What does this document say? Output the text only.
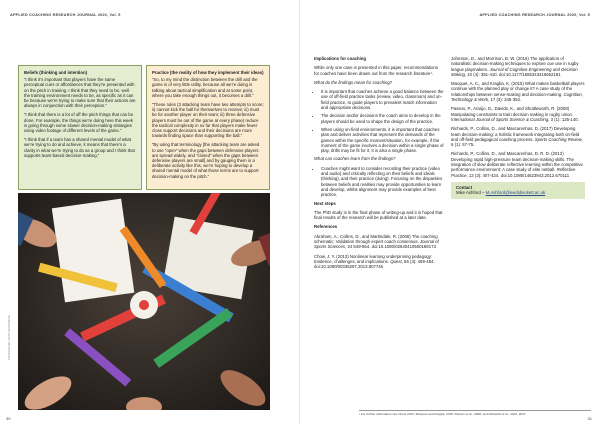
APPLIED COACHING RESEARCH JOURNAL 2020, Vol. 5	APPLIED COACHING RESEARCH JOURNAL 2020, Vol. 5
Beliefs (thinking and intention)

“I think it’s important that players have the same perceptual cues or affordances that they’re presented with on the pitch in training. I think that they need to be, well the training environment needs to be, as specific as it can be because we’re trying to make sure that their actions are always in conjunction with their perception.”

“I think that there is a lot of off the pitch things that can be done. For example, the things we’re doing here this week is going through some slower decision-making strategies using video footage of different levels of the game.”

“I think that if a team has a shared mental model of what we’re trying to do and achieve, it means that there’s a clarity in what we’re trying to do as a group and I think that supports team-based decision-making.”

Practice (the reality of how they implement their ideas)

“So, to my mind the distinction between the drill and the game is of very little utility, because all we’re doing is talking about tactical simplification and at some point, where you take enough things out, it becomes a drill.”

“These rules (3 attacking team have two attempts to score; ii) cannot kick the ball for themselves to receive; iii) must be for another player on their team; iii) three defensive players must be out of the game at every phase) reduce the tactical complexity in so far that players make fewer close support decisions and their decisions are more towards finding space than supporting the ball.”

“By using that terminology [the attacking team are asked to use “open” when the gaps between defensive players are spread widely, and “closed” when the gaps between defensive players are small] and by gauging them in a deliberate activity like this, we’re hoping to develop a shared mental model of what those terms are to support decision-making on the pitch.”

PHOTOGRAPH: DON'T REPRODUCE

Implications for coaching

While only one case is presented in this paper, recommendations for coaches have been drawn out from the research literature¹.

What do the findings mean for coaching?

• It is important that coaches achieve a good balance between the use of off-field practice tasks (review, video, classroom) and on-field practice, to guide players to prevalent match information and appropriate decisions.
• The decision and/or decisions the coach aims to develop in the players should be used to shape the design of the practice.
• When using on-field environments, it is important that coaches plan and deliver activities that represent the demands of the games within the specific moment/situation, for example, if the moment of the game involves a decision within a single phase of play, drills may be fit for it, it is also a single phase.

What can coaches learn from the findings?

• Coaches might want to consider recording their practice (video and audio) and critically reflecting on their beliefs and ideals (thinking), and their practice (doing). Focusing on the disparities between beliefs and realities may provide opportunities to learn and develop, whilst alignment may provide examples of best practice.

Next steps

The PhD study is in the final phase of writing-up and it is hoped that final results of the research will be published at a later date.

References

Abraham, A., Collins, D., and Martindale, R. (2006) The coaching schematic: Validation through expert coach consensus. Journal of Sports Sciences, 24 549-564. doi:10.1080/02640410500189173

Chow, J. Y. (2013) Nonlinear learning underpinning pedagogy: Evidence, challenges, and implications. Quest, 65 (4): 469-484. doi:10.1080/00336297.2013.807746

Johnston, D., and Morrison, B. W. (2016) The application of naturalistic decision-making techniques to explore cue use in rugby league playmakers. Journal of Cognitive Engineering and Decision Making, 10 (4): 391-410. doi:10.1177/1555343416662181

Macquet, A. C., and Kragba, K. (2015) What makes basketball players continue with the planned play or change it? A case study of the relationships between sense-making and decision-making. Cognition, Technology & Work, 17 (3): 345-353.

Passos, P., Araújo, D., Davids, K., and Shuttleworth, R. (2008) Manipulating constraints to train decision making in rugby union. International Journal of Sports Science & Coaching, 3 (1): 125-140.

Richards, P., Collins, D., and Mascarenhas, D. (2017) Developing team decision-making: a holistic framework integrating both on-field and off-field pedagogical coaching process. Sports Coaching Review, 6 (1): 57-75.

Richards, P., Collins, D., and Mascarenhas, D. R. D. (2012) Developing rapid high-pressure team decision-making skills. The integration of slow deliberate reflective learning within the competitive performance environment: A case study of elite netball. Reflective Practice, 13 (3): 407-424. doi:10.1080/14623943.2012.670111

Contact
Mike Ashford – M.Ashford@leedsbeckett.ac.uk
¹ For further information see Chow 2013; Macquet and Kragba, 2015; Passos et al., 2008; and Richards et al., 2012, 2017.
30	31
